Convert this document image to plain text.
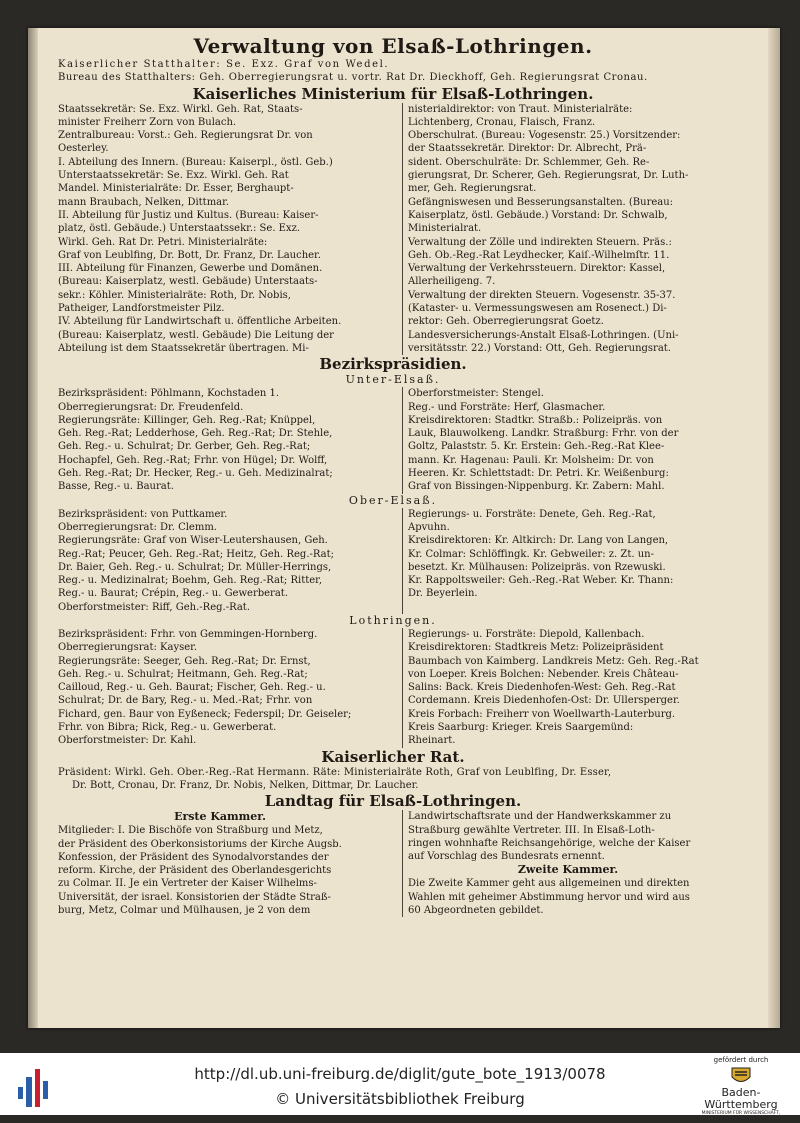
Verwaltung von Elsaß-Lothringen.
Kaiserlicher Statthalter: Se. Exz. Graf von Wedel.
Bureau des Statthalters: Geh. Oberregierungsrat u. vortr. Rat Dr. Dieckhoff, Geh. Regierungsrat Cronau.
Kaiserliches Ministerium für Elsaß-Lothringen.
Staatssekretär: Se. Exz. Wirkl. Geh. Rat, Staats-
minister Freiherr Zorn von Bulach.
Zentralbureau: Vorst.: Geh. Regierungsrat Dr. von
Oesterley.
I. Abteilung des Innern. (Bureau: Kaiserpl., östl. Geb.)
Unterstaatssekretär: Se. Exz. Wirkl. Geh. Rat
Mandel. Ministerialräte: Dr. Esser, Berghaupt-
mann Braubach, Nelken, Dittmar.
II. Abteilung für Justiz und Kultus. (Bureau: Kaiser-
platz, östl. Gebäude.) Unterstaatssekr.: Se. Exz.
Wirkl. Geh. Rat Dr. Petri. Ministerialräte:
Graf von Leublfing, Dr. Bott, Dr. Franz, Dr. Laucher.
III. Abteilung für Finanzen, Gewerbe und Domänen.
(Bureau: Kaiserplatz, westl. Gebäude) Unterstaats-
sekr.: Köhler. Ministerialräte: Roth, Dr. Nobis,
Patheiger, Landforstmeister Pilz.
IV. Abteilung für Landwirtschaft u. öffentliche Arbeiten.
(Bureau: Kaiserplatz, westl. Gebäude) Die Leitung der
Abteilung ist dem Staatssekretär übertragen. Mi-
nisterialdirektor: von Traut. Ministerialräte:
Lichtenberg, Cronau, Flaisch, Franz.
Oberschulrat. (Bureau: Vogesenstr. 25.) Vorsitzender:
der Staatssekretär. Direktor: Dr. Albrecht, Prä-
sident. Oberschulräte: Dr. Schlemmer, Geh. Re-
gierungsrat, Dr. Scherer, Geh. Regierungsrat, Dr. Luth-
mer, Geh. Regierungsrat.
Gefängniswesen und Besserungsanstalten. (Bureau:
Kaiserplatz, östl. Gebäude.) Vorstand: Dr. Schwalb,
Ministerialrat.
Verwaltung der Zölle und indirekten Steuern. Präs.:
Geh. Ob.-Reg.-Rat Leydhecker, Kaiſ.-Wilhelmſtr. 11.
Verwaltung der Verkehrssteuern. Direktor: Kassel,
Allerheiligeng. 7.
Verwaltung der direkten Steuern. Vogesenstr. 35-37.
(Kataster- u. Vermessungswesen am Rosenect.) Di-
rektor: Geh. Oberregierungsrat Goetz.
Landesversicherungs-Anstalt Elsaß-Lothringen. (Uni-
versitätsstr. 22.) Vorstand: Ott, Geh. Regierungsrat.
Bezirkspräsidien.
Unter-Elsaß.
Bezirkspräsident: Pöhlmann, Kochstaden 1.
Oberregierungsrat: Dr. Freudenfeld.
Regierungsräte: Killinger, Geh. Reg.-Rat; Knüppel,
Geh. Reg.-Rat; Ledderhose, Geh. Reg.-Rat; Dr. Stehle,
Geh. Reg.- u. Schulrat; Dr. Gerber, Geh. Reg.-Rat;
Hochapfel, Geh. Reg.-Rat; Frhr. von Hügel; Dr. Wolff,
Geh. Reg.-Rat; Dr. Hecker, Reg.- u. Geh. Medizinalrat;
Basse, Reg.- u. Baurat.
Oberforstmeister: Stengel.
Reg.- und Forsträte: Herf, Glasmacher.
Kreisdirektoren: Stadtkr. Straßb.: Polizeipräs. von
Lauk, Blauwolkeng. Landkr. Straßburg: Frhr. von der
Goltz, Palaststr. 5. Kr. Erstein: Geh.-Reg.-Rat Klee-
mann. Kr. Hagenau: Pauli. Kr. Molsheim: Dr. von
Heeren. Kr. Schlettstadt: Dr. Petri. Kr. Weißenburg:
Graf von Bissingen-Nippenburg. Kr. Zabern: Mahl.
Ober-Elsaß.
Bezirkspräsident: von Puttkamer.
Oberregierungsrat: Dr. Clemm.
Regierungsräte: Graf von Wiser-Leutershausen, Geh.
Reg.-Rat; Peucer, Geh. Reg.-Rat; Heitz, Geh. Reg.-Rat;
Dr. Baier, Geh. Reg.- u. Schulrat; Dr. Müller-Herrings,
Reg.- u. Medizinalrat; Boehm, Geh. Reg.-Rat; Ritter,
Reg.- u. Baurat; Crépin, Reg.- u. Gewerberat.
Oberforstmeister: Riff, Geh.-Reg.-Rat.
Regierungs- u. Forsträte: Denete, Geh. Reg.-Rat,
Apvuhn.
Kreisdirektoren: Kr. Altkirch: Dr. Lang von Langen,
Kr. Colmar: Schlöffingk. Kr. Gebweiler: z. Zt. un-
besetzt. Kr. Mülhausen: Polizeipräs. von Rzewuski.
Kr. Rappoltsweiler: Geh.-Reg.-Rat Weber. Kr. Thann:
Dr. Beyerlein.
Lothringen.
Bezirkspräsident: Frhr. von Gemmingen-Hornberg.
Oberregierungsrat: Kayser.
Regierungsräte: Seeger, Geh. Reg.-Rat; Dr. Ernst,
Geh. Reg.- u. Schulrat; Heitmann, Geh. Reg.-Rat;
Cailloud, Reg.- u. Geh. Baurat; Fischer, Geh. Reg.- u.
Schulrat; Dr. de Bary, Reg.- u. Med.-Rat; Frhr. von
Fichard, gen. Baur von Eyßeneck; Federspil; Dr. Geiseler;
Frhr. von Bibra; Rick, Reg.- u. Gewerberat.
Oberforstmeister: Dr. Kahl.
Regierungs- u. Forsträte: Diepold, Kallenbach.
Kreisdirektoren: Stadtkreis Metz: Polizeipräsident
Baumbach von Kaimberg. Landkreis Metz: Geh. Reg.-Rat
von Loeper. Kreis Bolchen: Nebender. Kreis Château-
Salins: Back. Kreis Diedenhofen-West: Geh. Reg.-Rat
Cordemann. Kreis Diedenhofen-Ost: Dr. Ullersperger.
Kreis Forbach: Freiherr von Woellwarth-Lauterburg.
Kreis Saarburg: Krieger. Kreis Saargemünd:
Rheinart.
Kaiserlicher Rat.
Präsident: Wirkl. Geh. Ober.-Reg.-Rat Hermann. Räte: Ministerialräte Roth, Graf von Leublfing, Dr. Esser,
Dr. Bott, Cronau, Dr. Franz, Dr. Nobis, Nelken, Dittmar, Dr. Laucher.
Landtag für Elsaß-Lothringen.
Erste Kammer.
Mitglieder: I. Die Bischöfe von Straßburg und Metz,
der Präsident des Oberkonsistoriums der Kirche Augsb.
Konfession, der Präsident des Synodalvorstandes der
reform. Kirche, der Präsident des Oberlandesgerichts
zu Colmar. II. Je ein Vertreter der Kaiser Wilhelms-
Universität, der israel. Konsistorien der Städte Straß-
burg, Metz, Colmar und Mülhausen, je 2 von dem
Landwirtschaftsrate und der Handwerkskammer zu
Straßburg gewählte Vertreter. III. In Elsaß-Loth-
ringen wohnhafte Reichsangehörige, welche der Kaiser
auf Vorschlag des Bundesrats ernennt.
Zweite Kammer.
Die Zweite Kammer geht aus allgemeinen und direkten
Wahlen mit geheimer Abstimmung hervor und wird aus
60 Abgeordneten gebildet.
http://dl.ub.uni-freiburg.de/diglit/gute_bote_1913/0078
© Universitätsbibliothek Freiburg
gefördert durch
Baden-Württemberg
MINISTERIUM FÜR WISSENSCHAFT, FORSCHUNG UND KUNST
